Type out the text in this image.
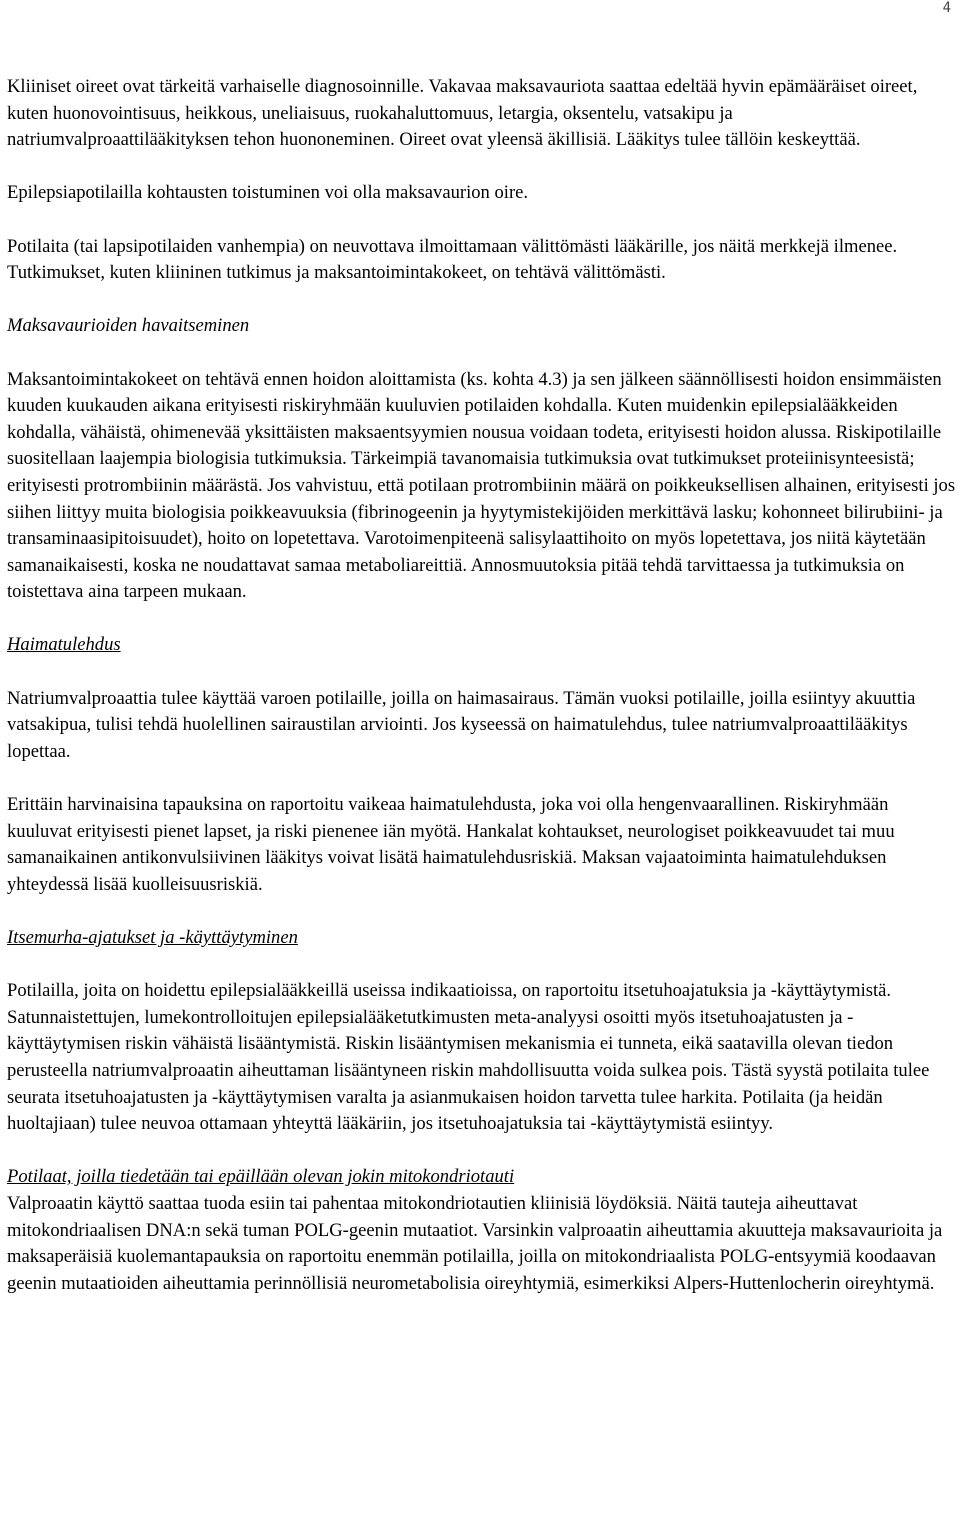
4

Kliiniset oireet ovat tärkeitä varhaiselle diagnosoinnille. Vakavaa maksavauriota saattaa edeltää hyvin epämääräiset oireet, kuten huonovointisuus, heikkous, uneliaisuus, ruokahaluttomuus, letargia, oksentelu, vatsakipu ja natriumvalproaattilääkityksen tehon huononeminen. Oireet ovat yleensä äkillisiä. Lääkitys tulee tällöin keskeyttää.

Epilepsiapotilailla kohtausten toistuminen voi olla maksavaurion oire.

Potilaita (tai lapsipotilaiden vanhempia) on neuvottava ilmoittamaan välittömästi lääkärille, jos näitä merkkejä ilmenee. Tutkimukset, kuten kliininen tutkimus ja maksantoimintakokeet, on tehtävä välittömästi.

Maksavaurioiden havaitseminen

Maksantoimintakokeet on tehtävä ennen hoidon aloittamista (ks. kohta 4.3) ja sen jälkeen säännöllisesti hoidon ensimmäisten kuuden kuukauden aikana erityisesti riskiryhmään kuuluvien potilaiden kohdalla. Kuten muidenkin epilepsialääkkeiden kohdalla, vähäistä, ohimenevää yksittäisten maksaentsyymien nousua voidaan todeta, erityisesti hoidon alussa. Riskipotilaille suositellaan laajempia biologisia tutkimuksia. Tärkeimpiä tavanomaisia tutkimuksia ovat tutkimukset proteiinisynteesistä; erityisesti protrombiinin määrästä. Jos vahvistuu, että potilaan protrombiinin määrä on poikkeuksellisen alhainen, erityisesti jos siihen liittyy muita biologisia poikkeavuuksia (fibrinogeenin ja hyytymistekijöiden merkittävä lasku; kohonneet bilirubiini- ja transaminaasipitoisuudet), hoito on lopetettava. Varotoimenpiteenä salisylaattihoito on myös lopetettava, jos niitä käytetään samanaikaisesti, koska ne noudattavat samaa metaboliareittiä. Annosmuutoksia pitää tehdä tarvittaessa ja tutkimuksia on toistettava aina tarpeen mukaan.

Haimatulehdus

Natriumvalproaattia tulee käyttää varoen potilaille, joilla on haimasairaus. Tämän vuoksi potilaille, joilla esiintyy akuuttia vatsakipua, tulisi tehdä huolellinen sairaustilan arviointi. Jos kyseessä on haimatulehdus, tulee natriumvalproaattilääkitys lopettaa.

Erittäin harvinaisina tapauksina on raportoitu vaikeaa haimatulehdusta, joka voi olla hengenvaarallinen. Riskiryhmään kuuluvat erityisesti pienet lapset, ja riski pienenee iän myötä. Hankalat kohtaukset, neurologiset poikkeavuudet tai muu samanaikainen antikonvulsiivinen lääkitys voivat lisätä haimatulehdusriskiä. Maksan vajaatoiminta haimatulehduksen yhteydessä lisää kuolleisuusriskiä.

Itsemurha-ajatukset ja -käyttäytyminen

Potilailla, joita on hoidettu epilepsialääkkeillä useissa indikaatioissa, on raportoitu itsetuhoajatuksia ja -käyttäytymistä. Satunnaistettujen, lumekontrolloitujen epilepsialääketutkimusten meta-analyysi osoitti myös itsetuhoajatusten ja -käyttäytymisen riskin vähäistä lisääntymistä. Riskin lisääntymisen mekanismia ei tunneta, eikä saatavilla olevan tiedon perusteella natriumvalproaatin aiheuttaman lisääntyneen riskin mahdollisuutta voida sulkea pois. Tästä syystä potilaita tulee seurata itsetuhoajatusten ja -käyttäytymisen varalta ja asianmukaisen hoidon tarvetta tulee harkita. Potilaita (ja heidän huoltajiaan) tulee neuvoa ottamaan yhteyttä lääkäriin, jos itsetuhoajatuksia tai -käyttäytymistä esiintyy.

Potilaat, joilla tiedetään tai epäillään olevan jokin mitokondriotauti

Valproaatin käyttö saattaa tuoda esiin tai pahentaa mitokondriotautien kliinisiä löydöksiä. Näitä tauteja aiheuttavat mitokondriaalisen DNA:n sekä tuman POLG-geenin mutaatiot. Varsinkin valproaatin aiheuttamia akuutteja maksavaurioita ja maksaperäisiä kuolemantapauksia on raportoitu enemmän potilailla, joilla on mitokondriaalista POLG-entsyymiä koodaavan geenin mutaatioiden aiheuttamia perinnöllisiä neurometabolisia oireyhtymiä, esimerkiksi Alpers-Huttenlocherin oireyhtymä.
